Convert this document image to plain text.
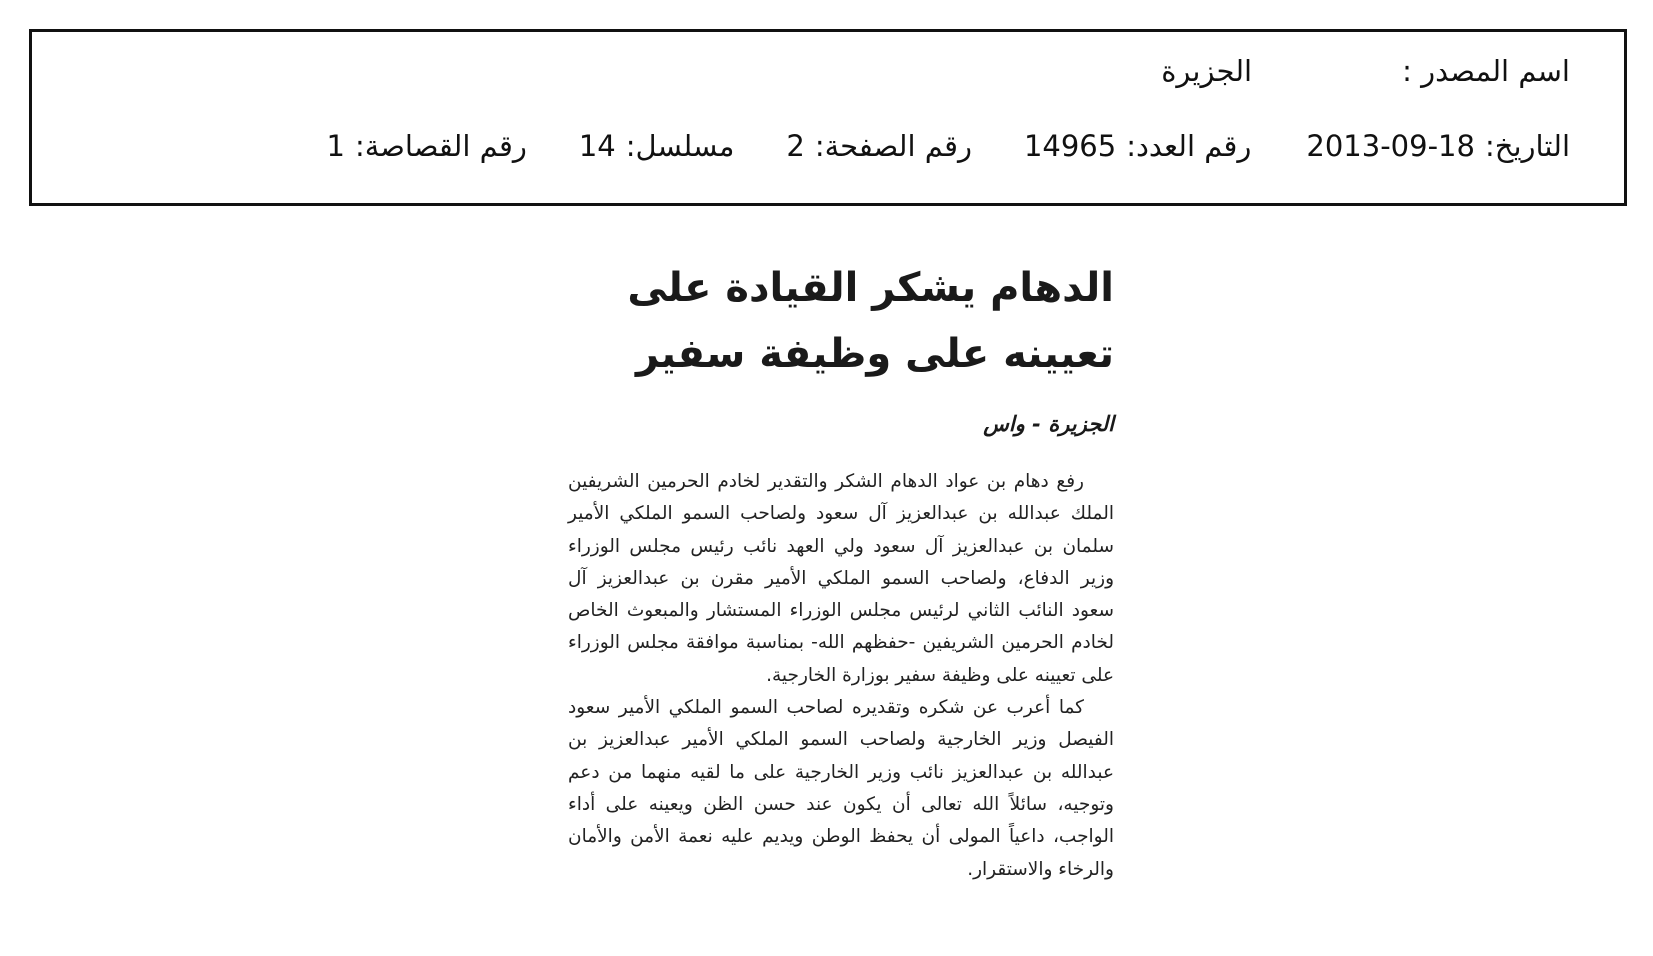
اسم المصدر :
الجزيرة
التاريخ:
2013-09-18
رقم العدد:
14965
رقم الصفحة:
2
مسلسل:
14
رقم القصاصة:
1
الدهام يشكر القيادة على تعيينه على وظيفة سفير
الجزيرة - واس

رفع دهام بن عواد الدهام الشكر والتقدير لخادم الحرمين الشريفين الملك عبدالله بن عبدالعزيز آل سعود ولصاحب السمو الملكي الأمير سلمان بن عبدالعزيز آل سعود ولي العهد نائب رئيس مجلس الوزراء وزير الدفاع، ولصاحب السمو الملكي الأمير مقرن بن عبدالعزيز آل سعود النائب الثاني لرئيس مجلس الوزراء المستشار والمبعوث الخاص لخادم الحرمين الشريفين -حفظهم الله- بمناسبة موافقة مجلس الوزراء على تعيينه على وظيفة سفير بوزارة الخارجية.

كما أعرب عن شكره وتقديره لصاحب السمو الملكي الأمير سعود الفيصل وزير الخارجية ولصاحب السمو الملكي الأمير عبدالعزيز بن عبدالله بن عبدالعزيز نائب وزير الخارجية على ما لقيه منهما من دعم وتوجيه، سائلاً الله تعالى أن يكون عند حسن الظن ويعينه على أداء الواجب، داعياً المولى أن يحفظ الوطن ويديم عليه نعمة الأمن والأمان والرخاء والاستقرار.
